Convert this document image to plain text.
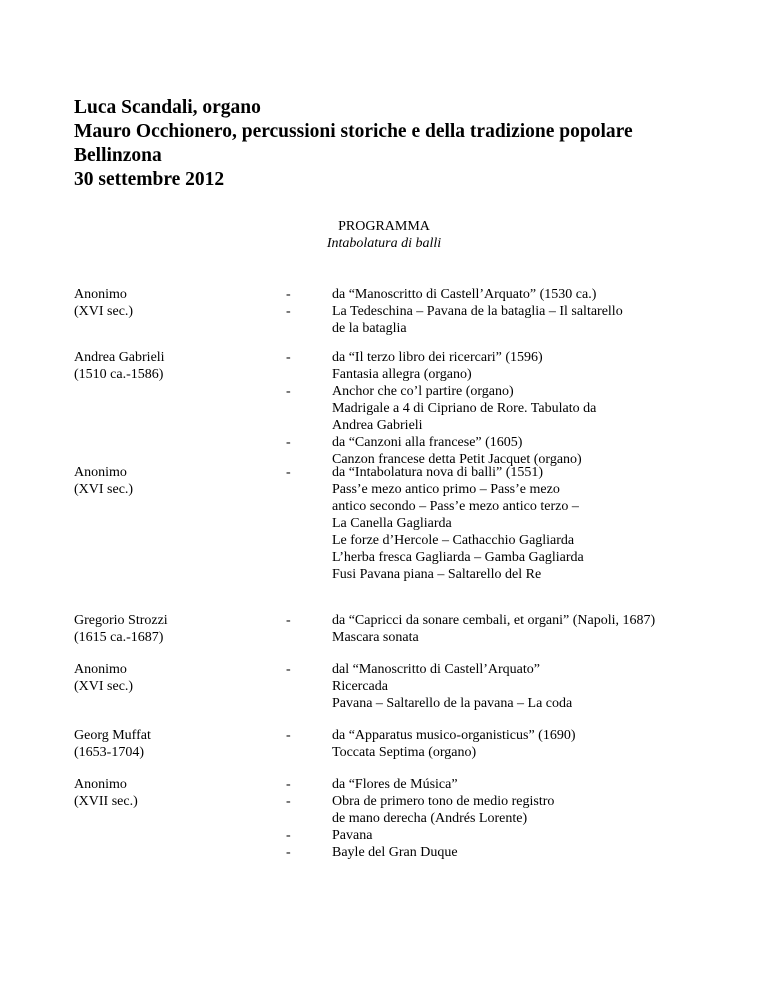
Luca Scandali, organo
Mauro Occhionero, percussioni storiche e della tradizione popolare
Bellinzona
30 settembre 2012
PROGRAMMA
Intabolatura di balli
Anonimo
(XVI sec.)
-	da “Manoscritto di Castell’Arquato” (1530 ca.)
-	La Tedeschina – Pavana de la bataglia – Il saltarello
de la bataglia
Andrea Gabrieli
(1510 ca.-1586)
-	da “Il terzo libro dei ricercari” (1596)
Fantasia allegra (organo)
-	Anchor che co’l partire (organo)
Madrigale a 4 di Cipriano de Rore. Tabulato da
Andrea Gabrieli
-	da “Canzoni alla francese” (1605)
Canzon francese detta Petit Jacquet (organo)
Anonimo
(XVI sec.)
-	da “Intabolatura nova di balli” (1551)
Pass’e mezo antico primo – Pass’e mezo
antico secondo – Pass’e mezo antico terzo –
La Canella Gagliarda
Le forze d’Hercole – Cathacchio Gagliarda
L’herba fresca Gagliarda – Gamba Gagliarda
Fusi Pavana piana – Saltarello del Re
Gregorio Strozzi
(1615 ca.-1687)
-	da “Capricci da sonare cembali, et organi” (Napoli, 1687)
Mascara sonata
Anonimo
(XVI sec.)
-	dal “Manoscritto di Castell’Arquato”
Ricercada
Pavana – Saltarello de la pavana – La coda
Georg Muffat
(1653-1704)
-	da “Apparatus musico-organisticus” (1690)
Toccata Septima (organo)
Anonimo
(XVII sec.)
-	da “Flores de Música”
-	Obra de primero tono de medio registro
de mano derecha (Andrés Lorente)
-	Pavana
-	Bayle del Gran Duque
